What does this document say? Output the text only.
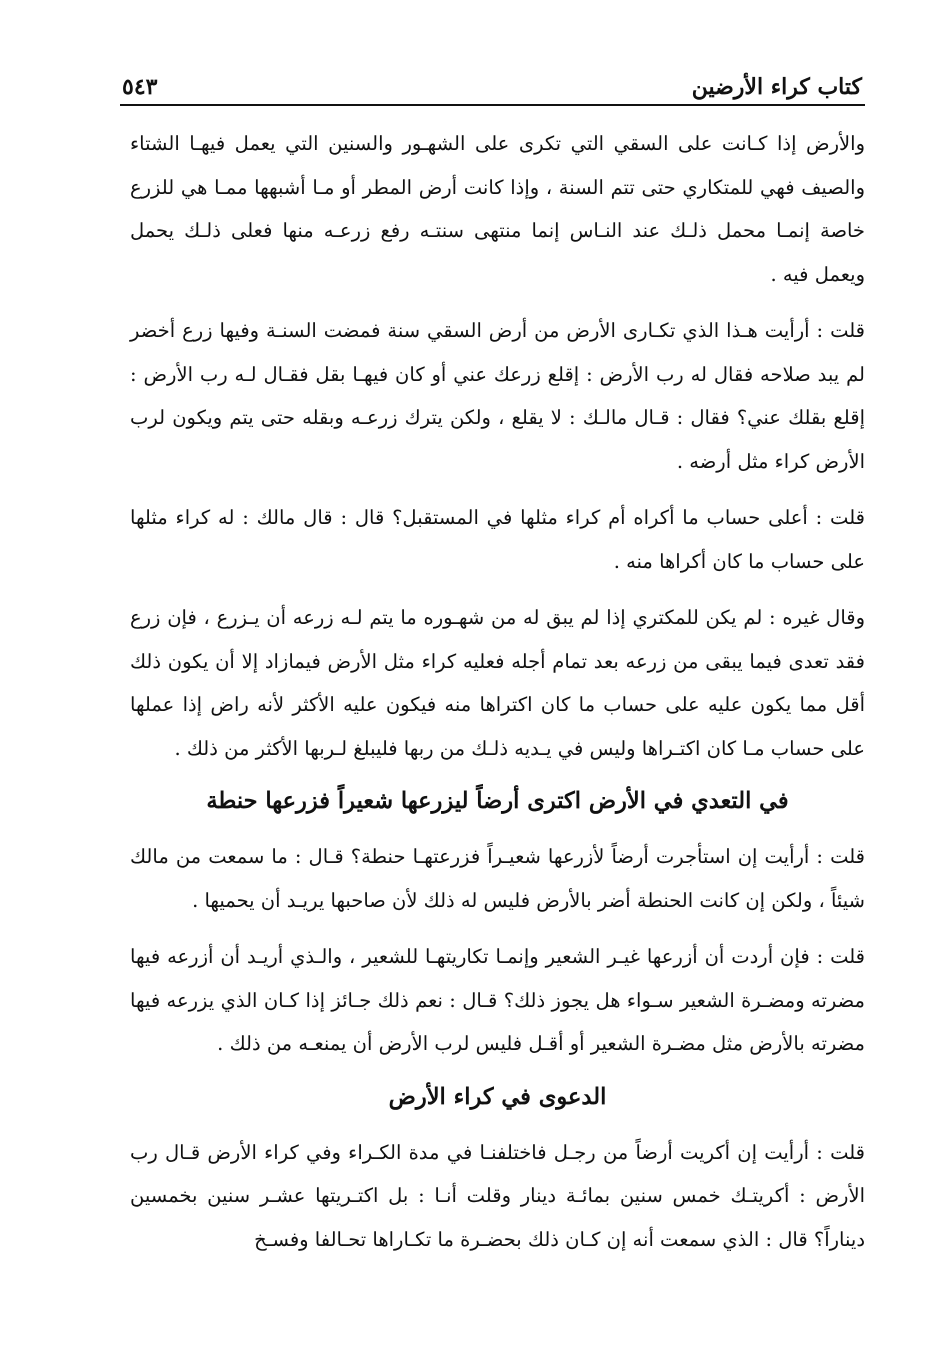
٥٤٣	كتاب كراء الأرضين

والأرض إذا كـانت على السقي التي تكرى على الشهـور والسنين التي يعمل فيهـا الشتاء والصيف فهي للمتكاري حتى تتم السنة ، وإذا كانت أرض المطر أو مـا أشبهها ممـا هي للزرع خاصة إنمـا محمل ذلـك عند النـاس إنما منتهى سنتـه رفع زرعـه منها فعلى ذلـك يحمل ويعمل فيه .

قلت : أرأيت هـذا الذي تكـارى الأرض من أرض السقي سنة فمضت السنـة وفيها زرع أخضر لم يبد صلاحه فقال له رب الأرض : إقلع زرعك عني أو كان فيهـا بقل فقـال لـه رب الأرض : إقلع بقلك عني؟ فقال : قـال مالـك : لا يقلع ، ولكن يترك زرعـه وبقله حتى يتم ويكون لرب الأرض كراء مثل أرضه .

قلت : أعلى حساب ما أكراه أم كراء مثلها في المستقبل؟ قال : قال مالك : له كراء مثلها على حساب ما كان أكراها منه .

وقال غيره : لم يكن للمكتري إذا لم يبق له من شهـوره ما يتم لـه زرعه أن يـزرع ، فإن زرع فقد تعدى فيما يبقى من زرعه بعد تمام أجله فعليه كراء مثل الأرض فيمازاد إلا أن يكون ذلك أقل مما يكون عليه على حساب ما كان اكتراها منه فيكون عليه الأكثر لأنه راض إذا عملها على حساب مـا كان اكتـراها وليس في يـديه ذلـك من ربها فليبلغ لـربها الأكثر من ذلك .

في التعدي في الأرض اكترى أرضاً ليزرعها شعيراً فزرعها حنطة

قلت : أرأيت إن استأجرت أرضاً لأزرعها شعيـراً فزرعتهـا حنطة؟ قـال : ما سمعت من مالك شيئاً ، ولكن إن كانت الحنطة أضر بالأرض فليس له ذلك لأن صاحبها يريـد أن يحميها .

قلت : فإن أردت أن أزرعها غيـر الشعير وإنمـا تكاريتهـا للشعير ، والـذي أريـد أن أزرعه فيها مضرته ومضـرة الشعير سـواء هل يجوز ذلك؟ قـال : نعم ذلك جـائز إذا كـان الذي يزرعه فيها مضرته بالأرض مثل مضـرة الشعير أو أقـل فليس لرب الأرض أن يمنعـه من ذلك .

الدعوى في كراء الأرض

قلت : أرأيت إن أكريت أرضاً من رجـل فاختلفنـا في مدة الكـراء وفي كراء الأرض قـال رب الأرض : أكريتـك خمس سنين بمائـة دينار وقلت أنـا : بل اكتـريتها عشـر سنين بخمسين ديناراً؟ قال : الذي سمعت أنه إن كـان ذلك بحضـرة ما تكـاراها تحـالفا وفسـخ
